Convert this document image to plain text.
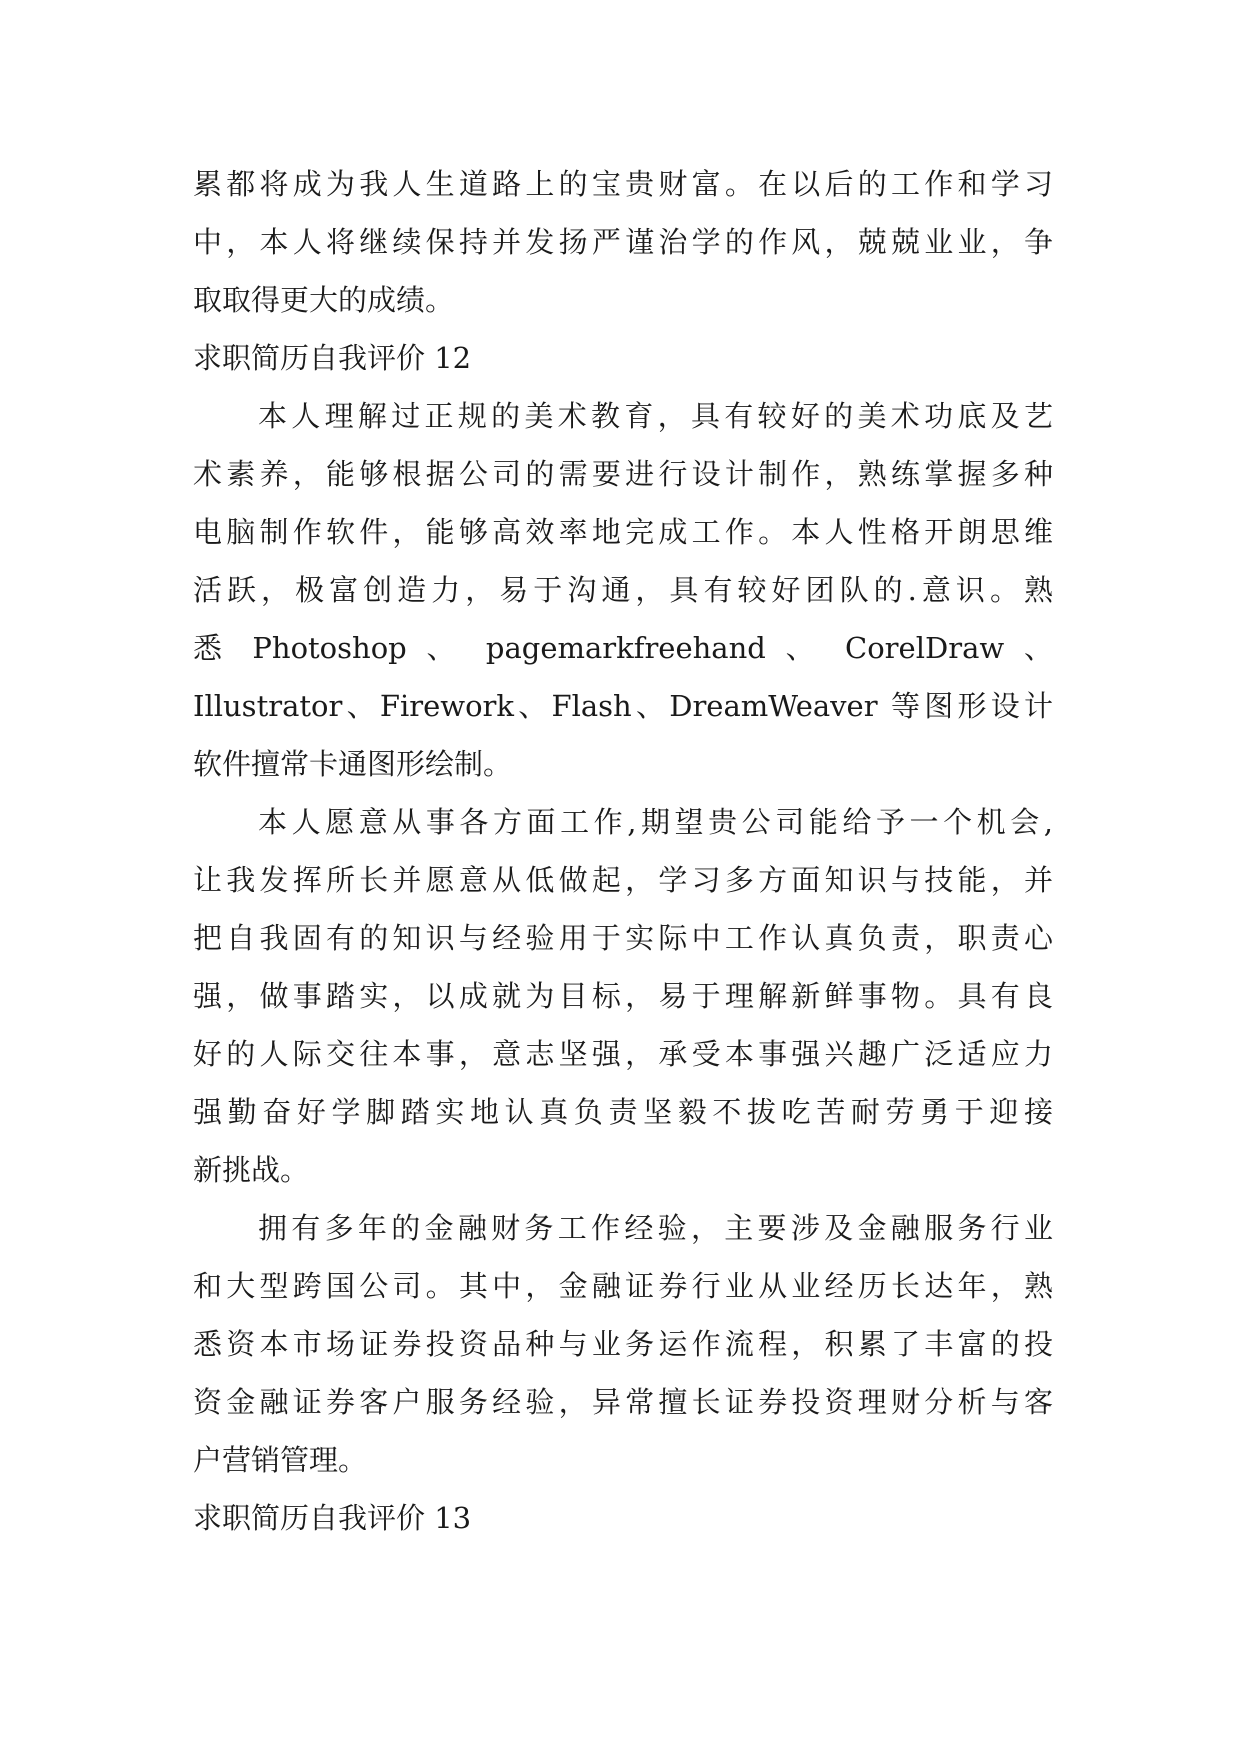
累都将成为我人生道路上的宝贵财富。在以后的工作和学习
中，本人将继续保持并发扬严谨治学的作风，兢兢业业，争
取取得更大的成绩。
求职简历自我评价 12
本人理解过正规的美术教育，具有较好的美术功底及艺
术素养，能够根据公司的需要进行设计制作，熟练掌握多种
电脑制作软件，能够高效率地完成工作。本人性格开朗思维
活跃，极富创造力，易于沟通，具有较好团队的.意识。熟
悉 Photoshop 、 pagemarkfreehand 、 CorelDraw 、
Illustrator、Firework、Flash、DreamWeaver 等图形设计
软件擅常卡通图形绘制。
本人愿意从事各方面工作,期望贵公司能给予一个机会,
让我发挥所长并愿意从低做起，学习多方面知识与技能，并
把自我固有的知识与经验用于实际中工作认真负责，职责心
强，做事踏实，以成就为目标，易于理解新鲜事物。具有良
好的人际交往本事，意志坚强，承受本事强兴趣广泛适应力
强勤奋好学脚踏实地认真负责坚毅不拔吃苦耐劳勇于迎接
新挑战。
拥有多年的金融财务工作经验，主要涉及金融服务行业
和大型跨国公司。其中，金融证券行业从业经历长达年，熟
悉资本市场证券投资品种与业务运作流程，积累了丰富的投
资金融证券客户服务经验，异常擅长证券投资理财分析与客
户营销管理。
求职简历自我评价 13
